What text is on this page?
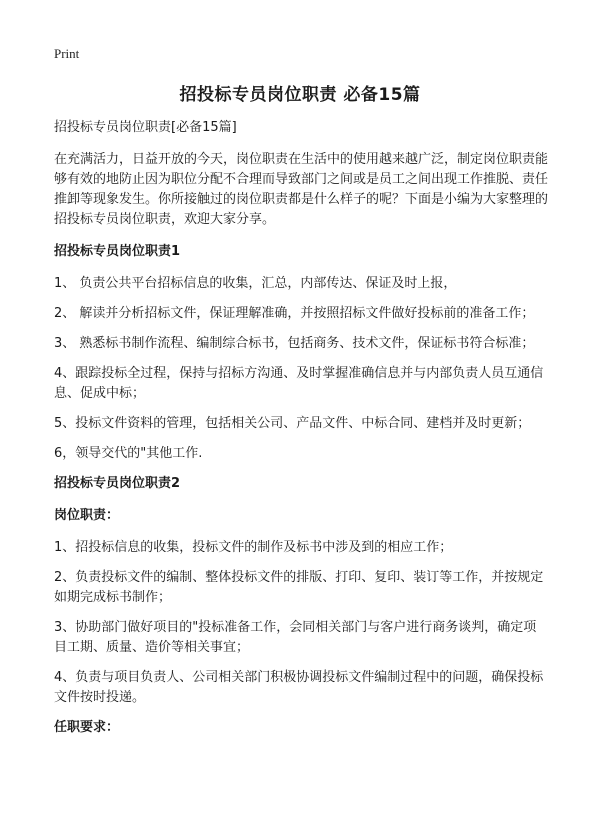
Print
招投标专员岗位职责 必备15篇

招投标专员岗位职责[必备15篇]

在充满活力，日益开放的今天，岗位职责在生活中的使用越来越广泛，制定岗位职责能够有效的地防止因为职位分配不合理而导致部门之间或是员工之间出现工作推脱、责任推卸等现象发生。你所接触过的岗位职责都是什么样子的呢？下面是小编为大家整理的招投标专员岗位职责，欢迎大家分享。

招投标专员岗位职责1

1、 负责公共平台招标信息的收集，汇总，内部传达、保证及时上报，

2、 解读并分析招标文件，保证理解准确，并按照招标文件做好投标前的准备工作；

3、 熟悉标书制作流程、编制综合标书，包括商务、技术文件，保证标书符合标准；

4、跟踪投标全过程，保持与招标方沟通、及时掌握准确信息并与内部负责人员互通信息、促成中标；

5、投标文件资料的管理，包括相关公司、产品文件、中标合同、建档并及时更新；

6，领导交代的"其他工作.

招投标专员岗位职责2

岗位职责：

1、招投标信息的收集，投标文件的制作及标书中涉及到的相应工作；

2、负责投标文件的编制、整体投标文件的排版、打印、复印、装订等工作，并按规定如期完成标书制作；

3、协助部门做好项目的"投标准备工作，会同相关部门与客户进行商务谈判，确定项目工期、质量、造价等相关事宜；

4、负责与项目负责人、公司相关部门积极协调投标文件编制过程中的问题，确保投标文件按时投递。

任职要求：
